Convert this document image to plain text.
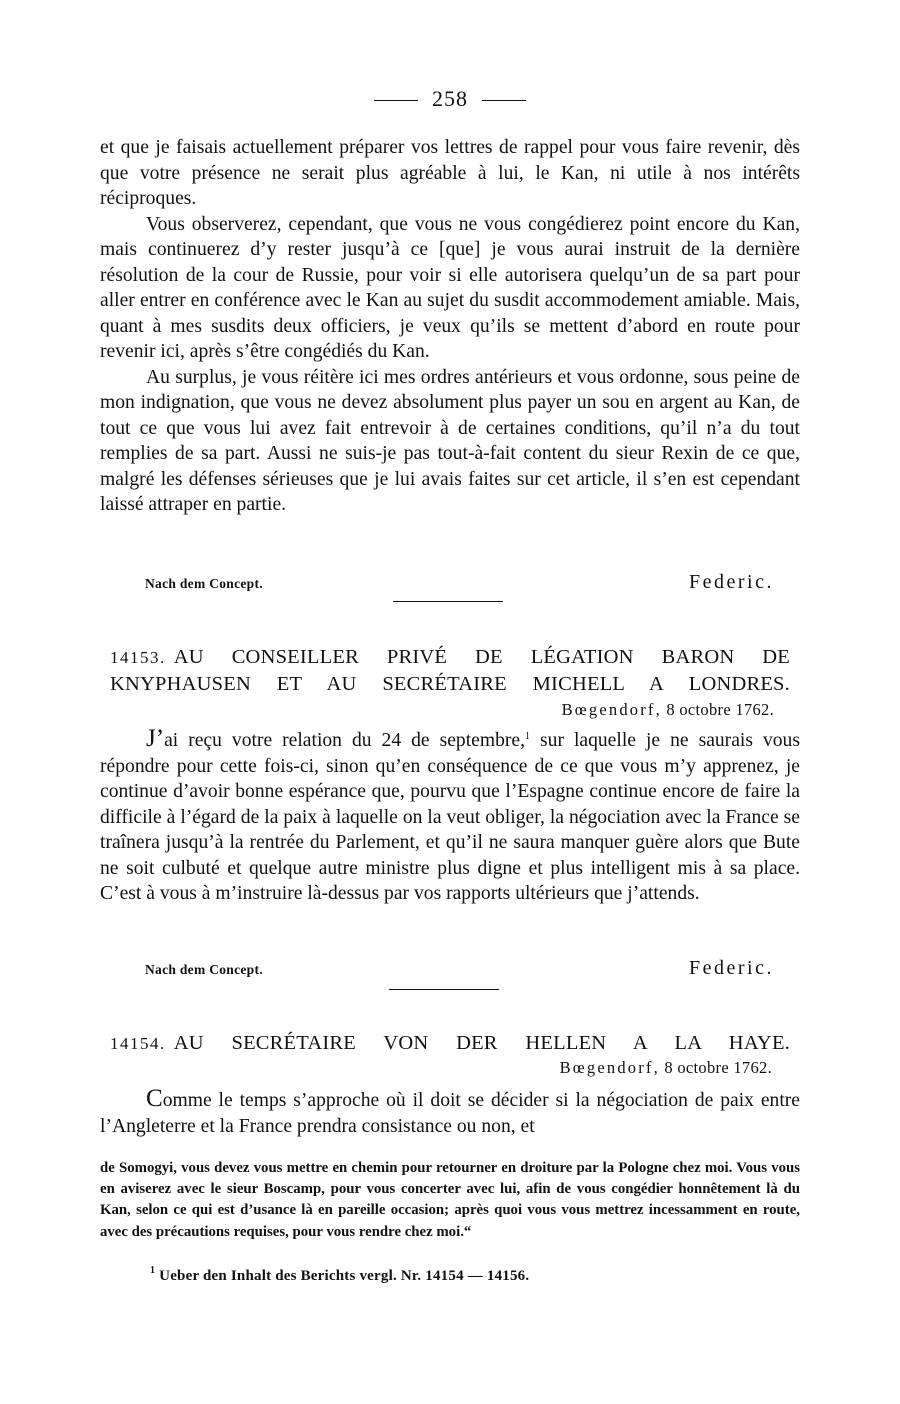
258

et que je faisais actuellement préparer vos lettres de rappel pour vous faire revenir, dès que votre présence ne serait plus agréable à lui, le Kan, ni utile à nos intérêts réciproques.

Vous observerez, cependant, que vous ne vous congédierez point encore du Kan, mais continuerez d’y rester jusqu’à ce [que] je vous aurai instruit de la dernière résolution de la cour de Russie, pour voir si elle autorisera quelqu’un de sa part pour aller entrer en conférence avec le Kan au sujet du susdit accommodement amiable. Mais, quant à mes susdits deux officiers, je veux qu’ils se mettent d’abord en route pour revenir ici, après s’être congédiés du Kan.

Au surplus, je vous réitère ici mes ordres antérieurs et vous ordonne, sous peine de mon indignation, que vous ne devez absolument plus payer un sou en argent au Kan, de tout ce que vous lui avez fait entrevoir à de certaines conditions, qu’il n’a du tout remplies de sa part. Aussi ne suis-je pas tout-à-fait content du sieur Rexin de ce que, malgré les défenses sérieuses que je lui avais faites sur cet article, il s’en est cependant laissé attraper en partie.

Nach dem Concept.	Federic.
14153. AU CONSEILLER PRIVÉ DE LÉGATION BARON DE
KNYPHAUSEN ET AU SECRÉTAIRE MICHELL A LONDRES.
Bœgendorf, 8 octobre 1762.

J’ai reçu votre relation du 24 de septembre,$^1$ sur laquelle je ne saurais vous répondre pour cette fois-ci, sinon qu’en conséquence de ce que vous m’y apprenez, je continue d’avoir bonne espérance que, pourvu que l’Espagne continue encore de faire la difficile à l’égard de la paix à laquelle on la veut obliger, la négociation avec la France se traînera jusqu’à la rentrée du Parlement, et qu’il ne saura manquer guère alors que Bute ne soit culbuté et quelque autre ministre plus digne et plus intelligent mis à sa place. C’est à vous à m’instruire là-dessus par vos rapports ultérieurs que j’attends.

Nach dem Concept.	Federic.
14154. AU SECRÉTAIRE VON DER HELLEN A LA HAYE.
Bœgendorf, 8 octobre 1762.

Comme le temps s’approche où il doit se décider si la négociation de paix entre l’Angleterre et la France prendra consistance ou non, et

de Somogyi, vous devez vous mettre en chemin pour retourner en droiture par la Pologne chez moi. Vous vous en aviserez avec le sieur Boscamp, pour vous concerter avec lui, afin de vous congédier honnêtement là du Kan, selon ce qui est d’usance là en pareille occasion; après quoi vous vous mettrez incessamment en route, avec des précautions requises, pour vous rendre chez moi.“

$^1$ Ueber den Inhalt des Berichts vergl. Nr. 14154 — 14156.
